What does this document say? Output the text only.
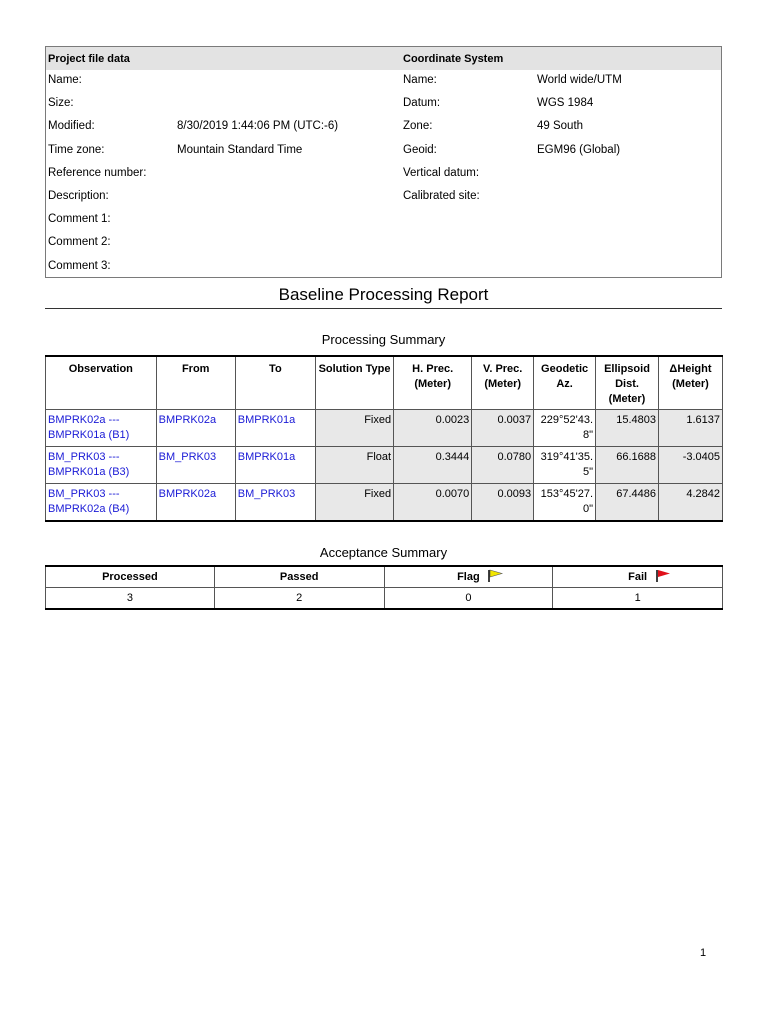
Project file data	Coordinate System
Name:	Name:	World wide/UTM
Size:	Datum:	WGS 1984
Modified:	8/30/2019 1:44:06 PM (UTC:-6)	Zone:	49 South
Time zone:	Mountain Standard Time	Geoid:	EGM96 (Global)
Reference number:	Vertical datum:
Description:	Calibrated site:
Comment 1:
Comment 2:
Comment 3:
Baseline Processing Report
Processing Summary
Observation	From	To	Solution Type	H. Prec.
(Meter)	V. Prec.
(Meter)	Geodetic
Az.	Ellipsoid
Dist.
(Meter)	ΔHeight
(Meter)
BMPRK02a ---
BMPRK01a (B1)	BMPRK02a	BMPRK01a	Fixed	0.0023	0.0037	229°52'43.
8"	15.4803	1.6137
BM_PRK03 ---
BMPRK01a (B3)	BM_PRK03	BMPRK01a	Float	0.3444	0.0780	319°41'35.
5"	66.1688	-3.0405
BM_PRK03 ---
BMPRK02a (B4)	BMPRK02a	BM_PRK03	Fixed	0.0070	0.0093	153°45'27.
0"	67.4486	4.2842
Acceptance Summary
Processed	Passed	Flag	Fail

3	2	0	1
1
